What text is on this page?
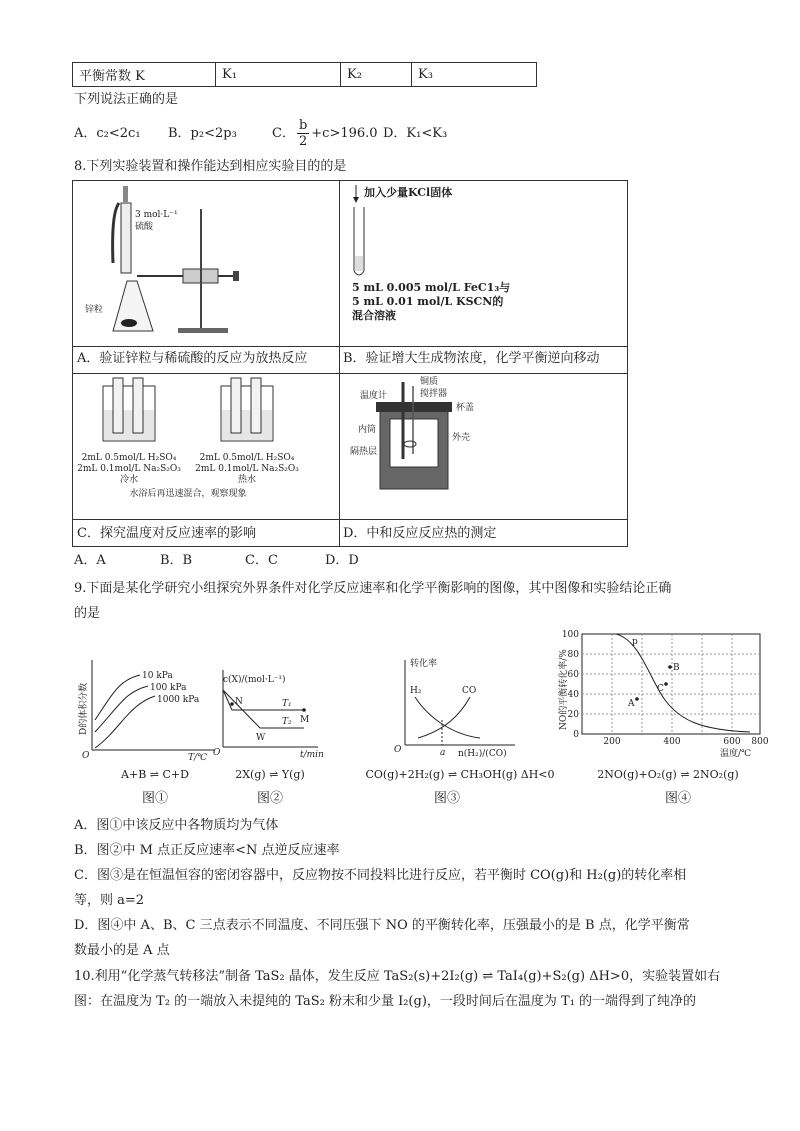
平衡常数 K	K₁	K₂	K₃
下列说法正确的是
A．c₂<2c₁ B．p₂<2p₃	C． $\frac{b}{2} +c>196.0$ D．K₁<K₃
8.下列实验装置和操作能达到相应实验目的的是
3 mol·L⁻¹
硫酸
锌粒
A．验证锌粒与稀硫酸的反应为放热反应
加入少量KCl固体
5 mL 0.005 mol/L FeC1₃与
5 mL 0.01 mol/L KSCN的
混合溶液
B．验证增大生成物浓度，化学平衡逆向移动
2mL 0.5mol/L H₂SO₄
2mL 0.1mol/L Na₂S₂O₃
冷水
2mL 0.5mol/L H₂SO₄
2mL 0.1mol/L Na₂S₂O₃
热水
水浴后再迅速混合，观察现象
C．探究温度对反应速率的影响
温度计
铜质
搅拌器
杯盖
内筒
外壳
隔热层
D．中和反应反应热的测定
A．A	B．B	C．C	D．D
9.下面是某化学研究小组探究外界条件对化学反应速率和化学平衡影响的图像，其中图像和实验结论正确
的是
10 kPa
100 kPa
1000 kPa
D的体积分数
T/℃
O
A+B ⇌ C+D
图①
c(X)/(mol·L⁻¹)
N
M
W
T₁
T₂
t/min
O
2X(g) ⇌ Y(g)
图②
转化率
H₂	CO
a n(H₂)/(CO)
O
CO(g)+2H₂(g) ⇌ CH₃OH(g) ΔH<0
图③
p
A
B
C
0
20
40
60
80
100
200	400	600 800
温度/℃
NO的平衡转化率/%
2NO(g)+O₂(g) ⇌ 2NO₂(g)
图④
A．图①中该反应中各物质均为气体
B．图②中 M 点正反应速率<N 点逆反应速率
C．图③是在恒温恒容的密闭容器中，反应物按不同投料比进行反应，若平衡时 CO(g)和 H₂(g)的转化率相
等，则 a=2
D．图④中 A、B、C 三点表示不同温度、不同压强下 NO 的平衡转化率，压强最小的是 B 点，化学平衡常
数最小的是 A 点
10.利用“化学蒸气转移法”制备 TaS₂ 晶体，发生反应 TaS₂(s)+2I₂(g) ⇌ TaI₄(g)+S₂(g) ΔH>0，实验装置如右
图：在温度为 T₂ 的一端放入未提纯的 TaS₂ 粉末和少量 I₂(g)，一段时间后在温度为 T₁ 的一端得到了纯净的
